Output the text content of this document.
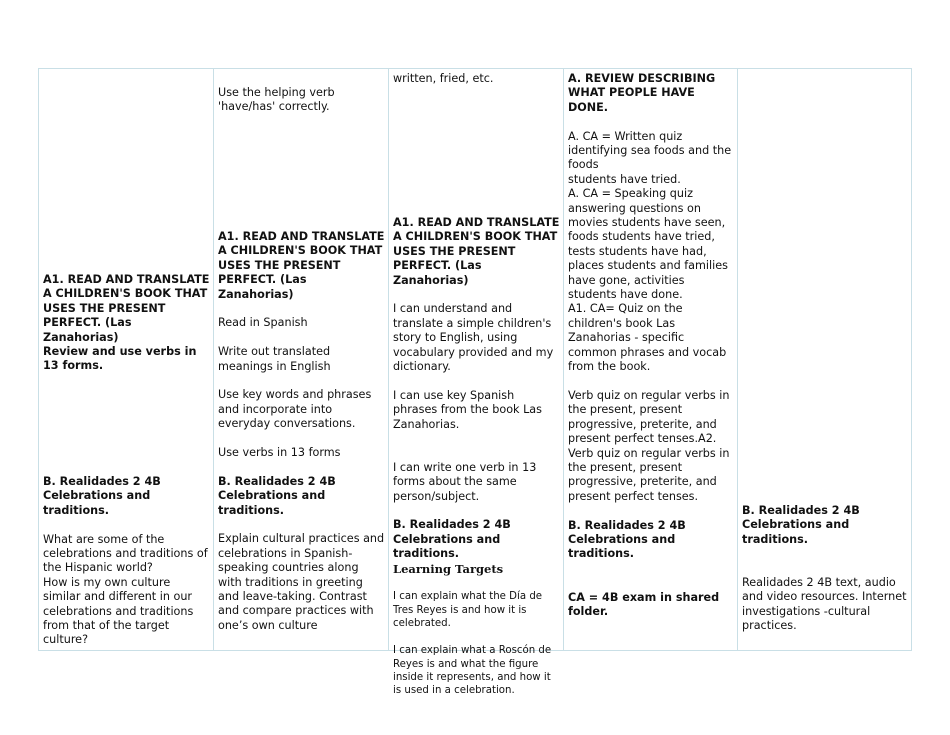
A1. READ AND TRANSLATE A CHILDREN'S BOOK THAT USES THE PRESENT PERFECT. (Las Zanahorias)

Review and use verbs in 13 forms.

B. Realidades 2 4B Celebrations and traditions.

What are some of the celebrations and traditions of the Hispanic world?

How is my own culture similar and different in our celebrations and traditions from that of the target culture?

Use the helping verb 'have/has' correctly.

A1. READ AND TRANSLATE A CHILDREN'S BOOK THAT USES THE PRESENT PERFECT. (Las Zanahorias)

Read in Spanish

Write out translated meanings in English

Use key words and phrases and incorporate into everyday conversations.

Use verbs in 13 forms

B. Realidades 2 4B Celebrations and traditions.

Explain cultural practices and celebrations in Spanish-speaking countries along with traditions in greeting and leave-taking. Contrast and compare practices with one’s own culture

written, fried, etc.

A1. READ AND TRANSLATE A CHILDREN'S BOOK THAT USES THE PRESENT PERFECT. (Las Zanahorias)

I can understand and translate a simple children's story to English, using vocabulary provided and my dictionary.

I can use key Spanish phrases from the book Las Zanahorias.

I can write one verb in 13 forms about the same person/subject.

B. Realidades 2 4B Celebrations and traditions.

Learning Targets

I can explain what the Día de Tres Reyes is and how it is celebrated.

I can explain what a Roscón de Reyes is and what the figure inside it represents, and how it is used in a celebration.

A. REVIEW DESCRIBING WHAT PEOPLE HAVE DONE.

A. CA = Written quiz identifying sea foods and the foods

students have tried.

A. CA = Speaking quiz answering questions on movies students have seen, foods students have tried, tests students have had, places students and families have gone, activities students have done.

A1. CA= Quiz on the children's book Las Zanahorias - specific common phrases and vocab from the book.

Verb quiz on regular verbs in the present, present progressive, preterite, and present perfect tenses.A2. Verb quiz on regular verbs in the present, present progressive, preterite, and present perfect tenses.

B. Realidades 2 4B Celebrations and traditions.

CA = 4B exam in shared folder.

B. Realidades 2 4B Celebrations and traditions.

Realidades 2 4B text, audio and video resources. Internet investigations -cultural practices.
